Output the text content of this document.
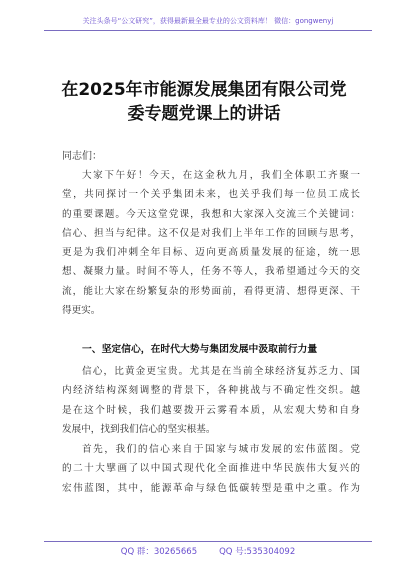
关注头条号“公文研究”，获得最新最全最专业的公文资料库！ 微信：gongwenyj
在2025年市能源发展集团有限公司党
委专题党课上的讲话
同志们：
大家下午好！今天，在这金秋九月，我们全体职工齐聚一
堂，共同探讨一个关乎集团未来，也关乎我们每一位员工成长
的重要课题。今天这堂党课，我想和大家深入交流三个关键词：
信心、担当与纪律。这不仅是对我们上半年工作的回顾与思考，
更是为我们冲刺全年目标、迈向更高质量发展的征途，统一思
想、凝聚力量。时间不等人，任务不等人，我希望通过今天的交
流，能让大家在纷繁复杂的形势面前，看得更清、想得更深、干
得更实。
一、坚定信心，在时代大势与集团发展中汲取前行力量
信心，比黄金更宝贵。尤其是在当前全球经济复苏乏力、国
内经济结构深刻调整的背景下，各种挑战与不确定性交织。越
是在这个时候，我们越要拨开云雾看本质，从宏观大势和自身
发展中，找到我们信心的坚实根基。
首先，我们的信心来自于国家与城市发展的宏伟蓝图。党
的二十大擘画了以中国式现代化全面推进中华民族伟大复兴的
宏伟蓝图，其中，能源革命与绿色低碳转型是重中之重。作为
QQ 群：30265665	QQ 号:535304092
